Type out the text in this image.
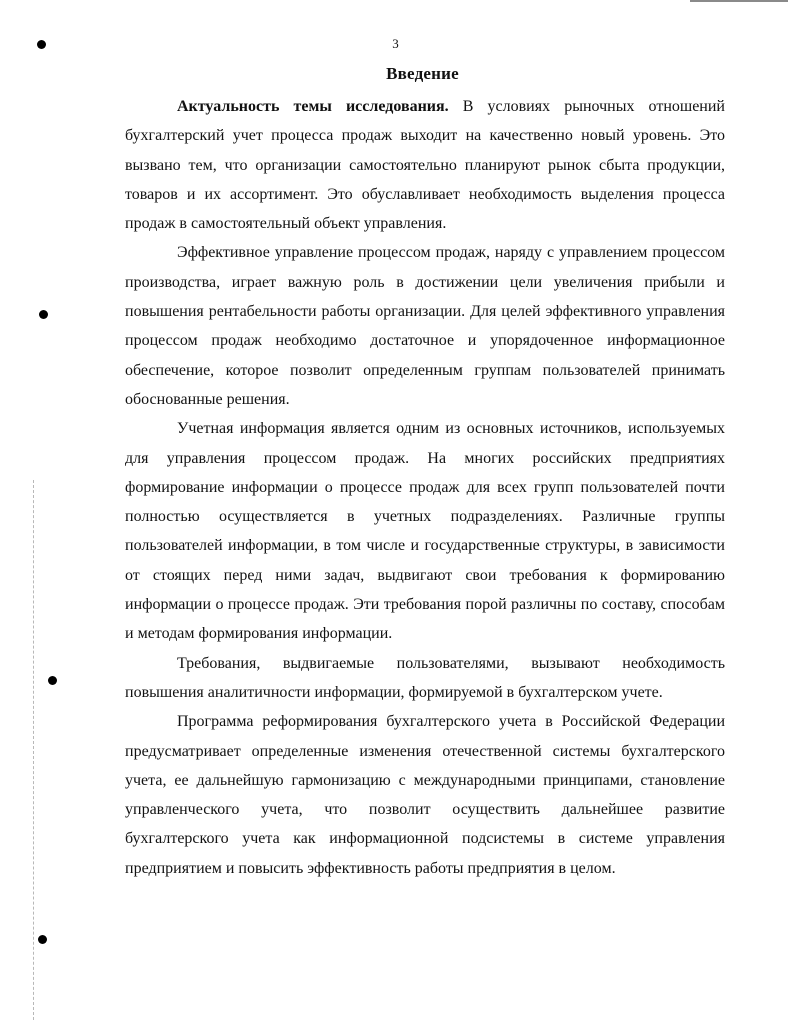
3
Введение

Актуальность темы исследования. В условиях рыночных отношений бухгалтерский учет процесса продаж выходит на качественно новый уровень. Это вызвано тем, что организации самостоятельно планируют рынок сбыта продукции, товаров и их ассортимент. Это обуславливает необходимость выделения процесса продаж в самостоятельный объект управления.

Эффективное управление процессом продаж, наряду с управлением процессом производства, играет важную роль в достижении цели увеличения прибыли и повышения рентабельности работы организации. Для целей эффективного управления процессом продаж необходимо достаточное и упорядоченное информационное обеспечение, которое позволит определенным группам пользователей принимать обоснованные решения.

Учетная информация является одним из основных источников, используемых для управления процессом продаж. На многих российских предприятиях формирование информации о процессе продаж для всех групп пользователей почти полностью осуществляется в учетных подразделениях. Различные группы пользователей информации, в том числе и государственные структуры, в зависимости от стоящих перед ними задач, выдвигают свои требования к формированию информации о процессе продаж. Эти требования порой различны по составу, способам и методам формирования информации.

Требования, выдвигаемые пользователями, вызывают необходимость повышения аналитичности информации, формируемой в бухгалтерском учете.

Программа реформирования бухгалтерского учета в Российской Федерации предусматривает определенные изменения отечественной системы бухгалтерского учета, ее дальнейшую гармонизацию с международными принципами, становление управленческого учета, что позволит осуществить дальнейшее развитие бухгалтерского учета как информационной подсистемы в системе управления предприятием и повысить эффективность работы предприятия в целом.
